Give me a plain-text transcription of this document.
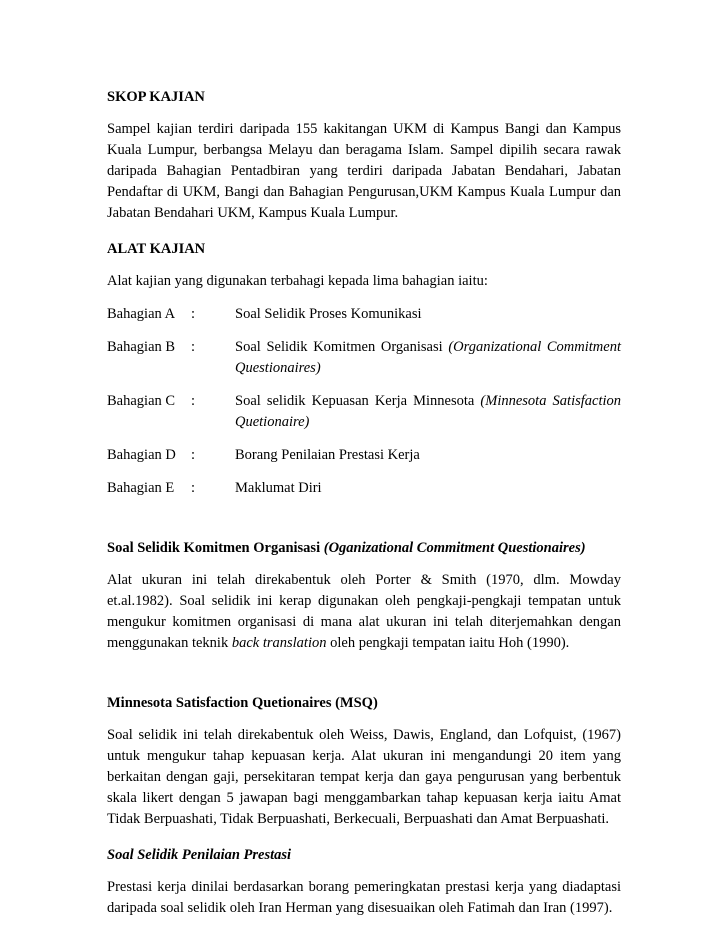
SKOP KAJIAN

Sampel kajian terdiri daripada 155 kakitangan UKM di Kampus Bangi dan Kampus Kuala Lumpur, berbangsa Melayu dan beragama Islam. Sampel dipilih secara rawak daripada Bahagian Pentadbiran yang terdiri daripada Jabatan Bendahari, Jabatan Pendaftar di UKM, Bangi dan Bahagian Pengurusan,UKM Kampus Kuala Lumpur dan Jabatan Bendahari UKM, Kampus Kuala Lumpur.

ALAT KAJIAN

Alat kajian yang digunakan terbahagi kepada lima bahagian iaitu:

Bahagian A	:	Soal Selidik Proses Komunikasi
Bahagian B	:	Soal Selidik Komitmen Organisasi (Organizational Commitment Questionaires)
Bahagian C	:	Soal selidik Kepuasan Kerja Minnesota (Minnesota Satisfaction Quetionaire)
Bahagian D	:	Borang Penilaian Prestasi Kerja
Bahagian E	:	Maklumat Diri

Soal Selidik Komitmen Organisasi (Oganizational Commitment Questionaires)

Alat ukuran ini telah direkabentuk oleh Porter & Smith (1970, dlm. Mowday et.al.1982). Soal selidik ini kerap digunakan oleh pengkaji-pengkaji tempatan untuk mengukur komitmen organisasi di mana alat ukuran ini telah diterjemahkan dengan menggunakan teknik back translation oleh pengkaji tempatan iaitu Hoh (1990).

Minnesota Satisfaction Quetionaires (MSQ)

Soal selidik ini telah direkabentuk oleh Weiss, Dawis, England, dan Lofquist, (1967) untuk mengukur tahap kepuasan kerja. Alat ukuran ini mengandungi 20 item yang berkaitan dengan gaji, persekitaran tempat kerja dan gaya pengurusan yang berbentuk skala likert dengan 5 jawapan bagi menggambarkan tahap kepuasan kerja iaitu Amat Tidak Berpuashati, Tidak Berpuashati, Berkecuali, Berpuashati dan Amat Berpuashati.

Soal Selidik Penilaian Prestasi

Prestasi kerja dinilai berdasarkan borang pemeringkatan prestasi kerja yang diadaptasi daripada soal selidik oleh Iran Herman yang disesuaikan oleh Fatimah dan Iran (1997).
